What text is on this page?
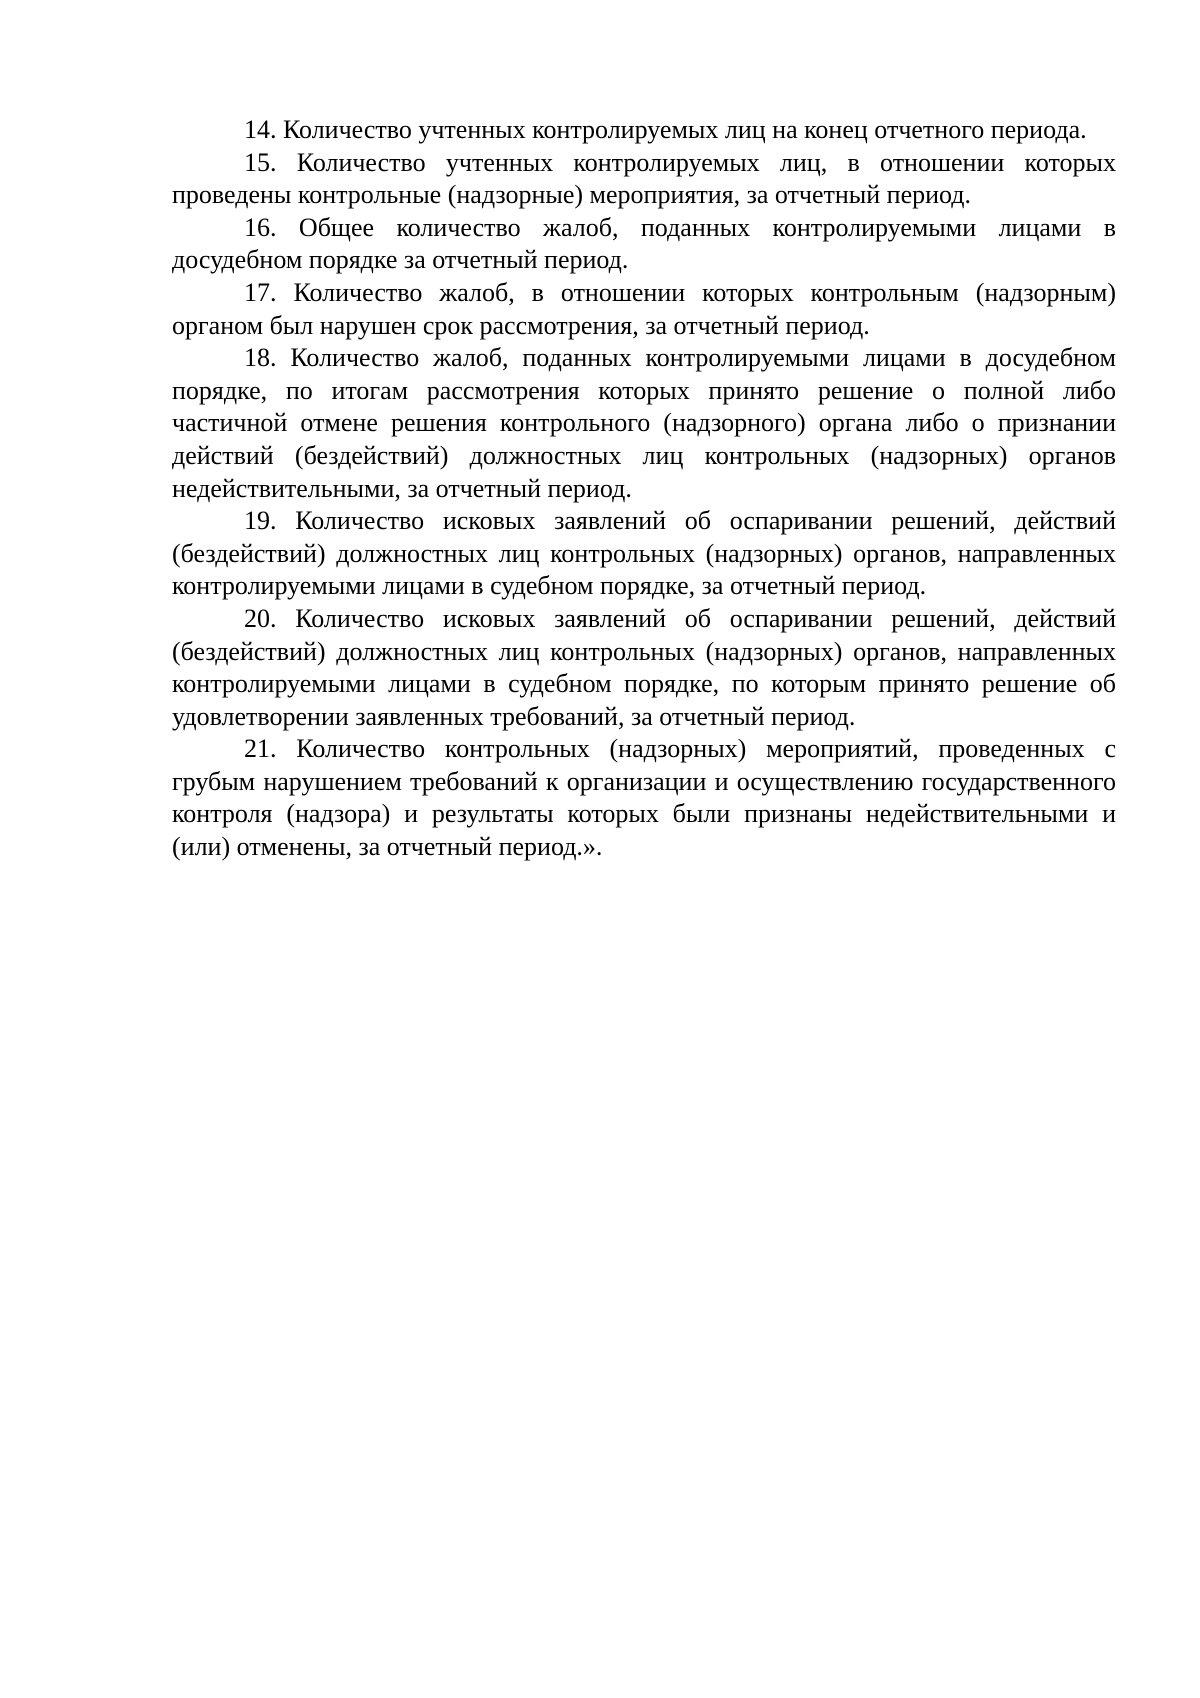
14. Количество учтенных контролируемых лиц на конец отчетного периода.

15. Количество учтенных контролируемых лиц, в отношении которых проведены контрольные (надзорные) мероприятия, за отчетный период.

16. Общее количество жалоб, поданных контролируемыми лицами в досудебном порядке за отчетный период.

17. Количество жалоб, в отношении которых контрольным (надзорным) органом был нарушен срок рассмотрения, за отчетный период.

18. Количество жалоб, поданных контролируемыми лицами в досудебном порядке, по итогам рассмотрения которых принято решение о полной либо частичной отмене решения контрольного (надзорного) органа либо о признании действий (бездействий) должностных лиц контрольных (надзорных) органов недействительными, за отчетный период.

19. Количество исковых заявлений об оспаривании решений, действий (бездействий) должностных лиц контрольных (надзорных) органов, направленных контролируемыми лицами в судебном порядке, за отчетный период.

20. Количество исковых заявлений об оспаривании решений, действий (бездействий) должностных лиц контрольных (надзорных) органов, направленных контролируемыми лицами в судебном порядке, по которым принято решение об удовлетворении заявленных требований, за отчетный период.

21. Количество контрольных (надзорных) мероприятий, проведенных с грубым нарушением требований к организации и осуществлению государственного контроля (надзора) и результаты которых были признаны недействительными и (или) отменены, за отчетный период.».
